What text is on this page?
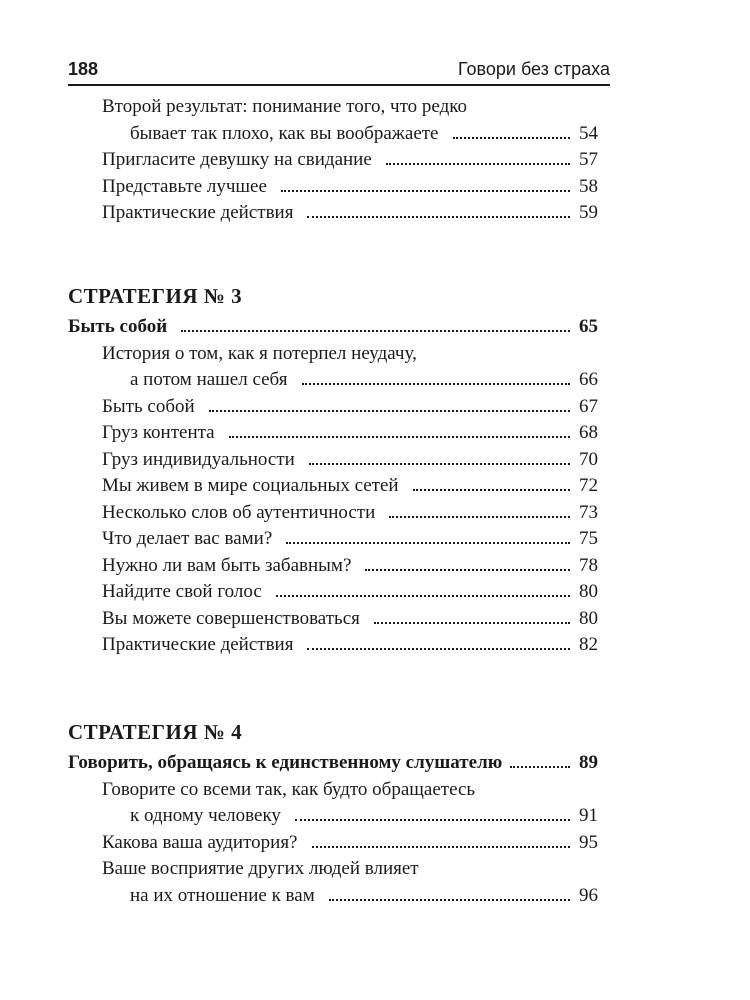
188	Говори без страха
Второй результат: понимание того, что редко
бывает так плохо, как вы воображаете	54
Пригласите девушку на свидание	57
Представьте лучшее	58
Практические действия	59
СТРАТЕГИЯ № 3
Быть собой	65
История о том, как я потерпел неудачу,
а потом нашел себя	66
Быть собой	67
Груз контента	68
Груз индивидуальности	70
Мы живем в мире социальных сетей	72
Несколько слов об аутентичности	73
Что делает вас вами?	75
Нужно ли вам быть забавным?	78
Найдите свой голос	80
Вы можете совершенствоваться	80
Практические действия	82
СТРАТЕГИЯ № 4
Говорить, обращаясь к единственному слушателю	89
Говорите со всеми так, как будто обращаетесь
к одному человеку	91
Какова ваша аудитория?	95
Ваше восприятие других людей влияет
на их отношение к вам	96
